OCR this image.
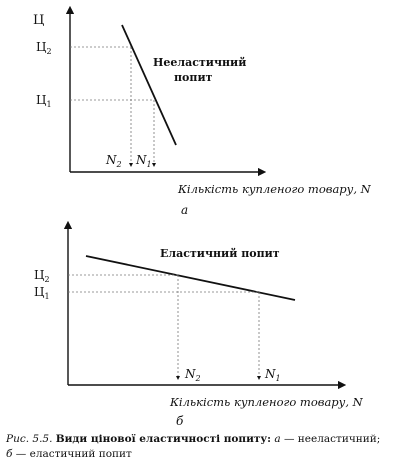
Ц
$Ц_2$
$Ц_1$
$N_2$ $N_1$
Нееластичний
попит
Кількість купленого товару, N
а
$Ц_2$
$Ц_1$
$N_2$	$N_1$
Еластичний попит
Кількість купленого товару, N
б
Рис. 5.5. Види цінової еластичності попиту: а — нееластичний;
б — еластичний попит
